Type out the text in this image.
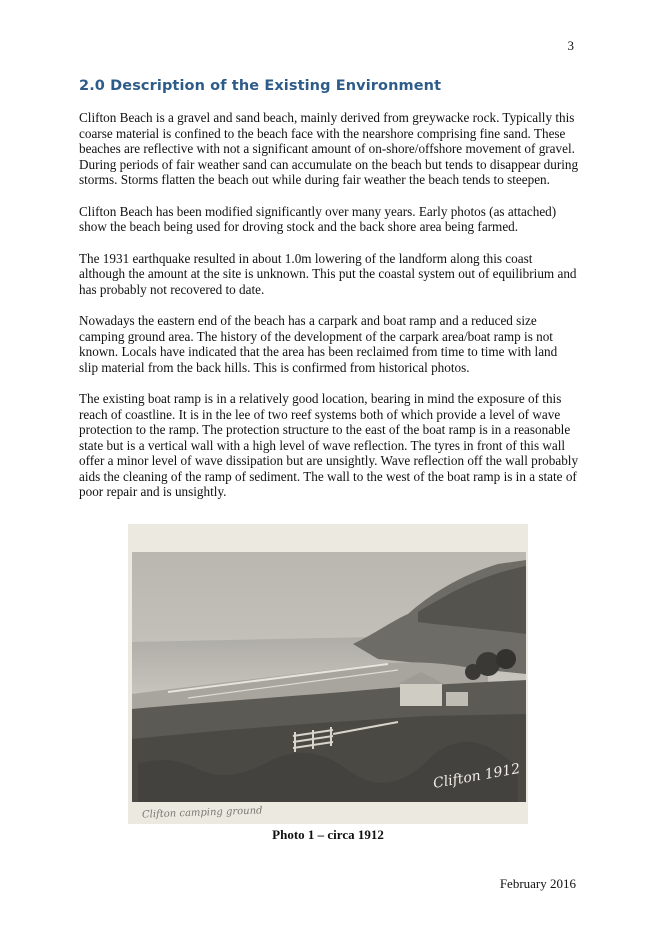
3
2.0 Description of the Existing Environment

Clifton Beach is a gravel and sand beach, mainly derived from greywacke rock. Typically this coarse material is confined to the beach face with the nearshore comprising fine sand. These beaches are reflective with not a significant amount of on-shore/offshore movement of gravel. During periods of fair weather sand can accumulate on the beach but tends to disappear during storms. Storms flatten the beach out while during fair weather the beach tends to steepen.

Clifton Beach has been modified significantly over many years. Early photos (as attached) show the beach being used for droving stock and the back shore area being farmed.

The 1931 earthquake resulted in about 1.0m lowering of the landform along this coast although the amount at the site is unknown. This put the coastal system out of equilibrium and has probably not recovered to date.

Nowadays the eastern end of the beach has a carpark and boat ramp and a reduced size camping ground area. The history of the development of the carpark area/boat ramp is not known. Locals have indicated that the area has been reclaimed from time to time with land slip material from the back hills. This is confirmed from historical photos.

The existing boat ramp is in a relatively good location, bearing in mind the exposure of this reach of coastline. It is in the lee of two reef systems both of which provide a level of wave protection to the ramp. The protection structure to the east of the boat ramp is in a reasonable state but is a vertical wall with a high level of wave reflection. The tyres in front of this wall offer a minor level of wave dissipation but are unsightly. Wave reflection off the wall probably aids the cleaning of the ramp of sediment. The wall to the west of the boat ramp is in a state of poor repair and is unsightly.

Clifton 1912
Clifton camping ground
Photo 1 – circa 1912
February 2016
